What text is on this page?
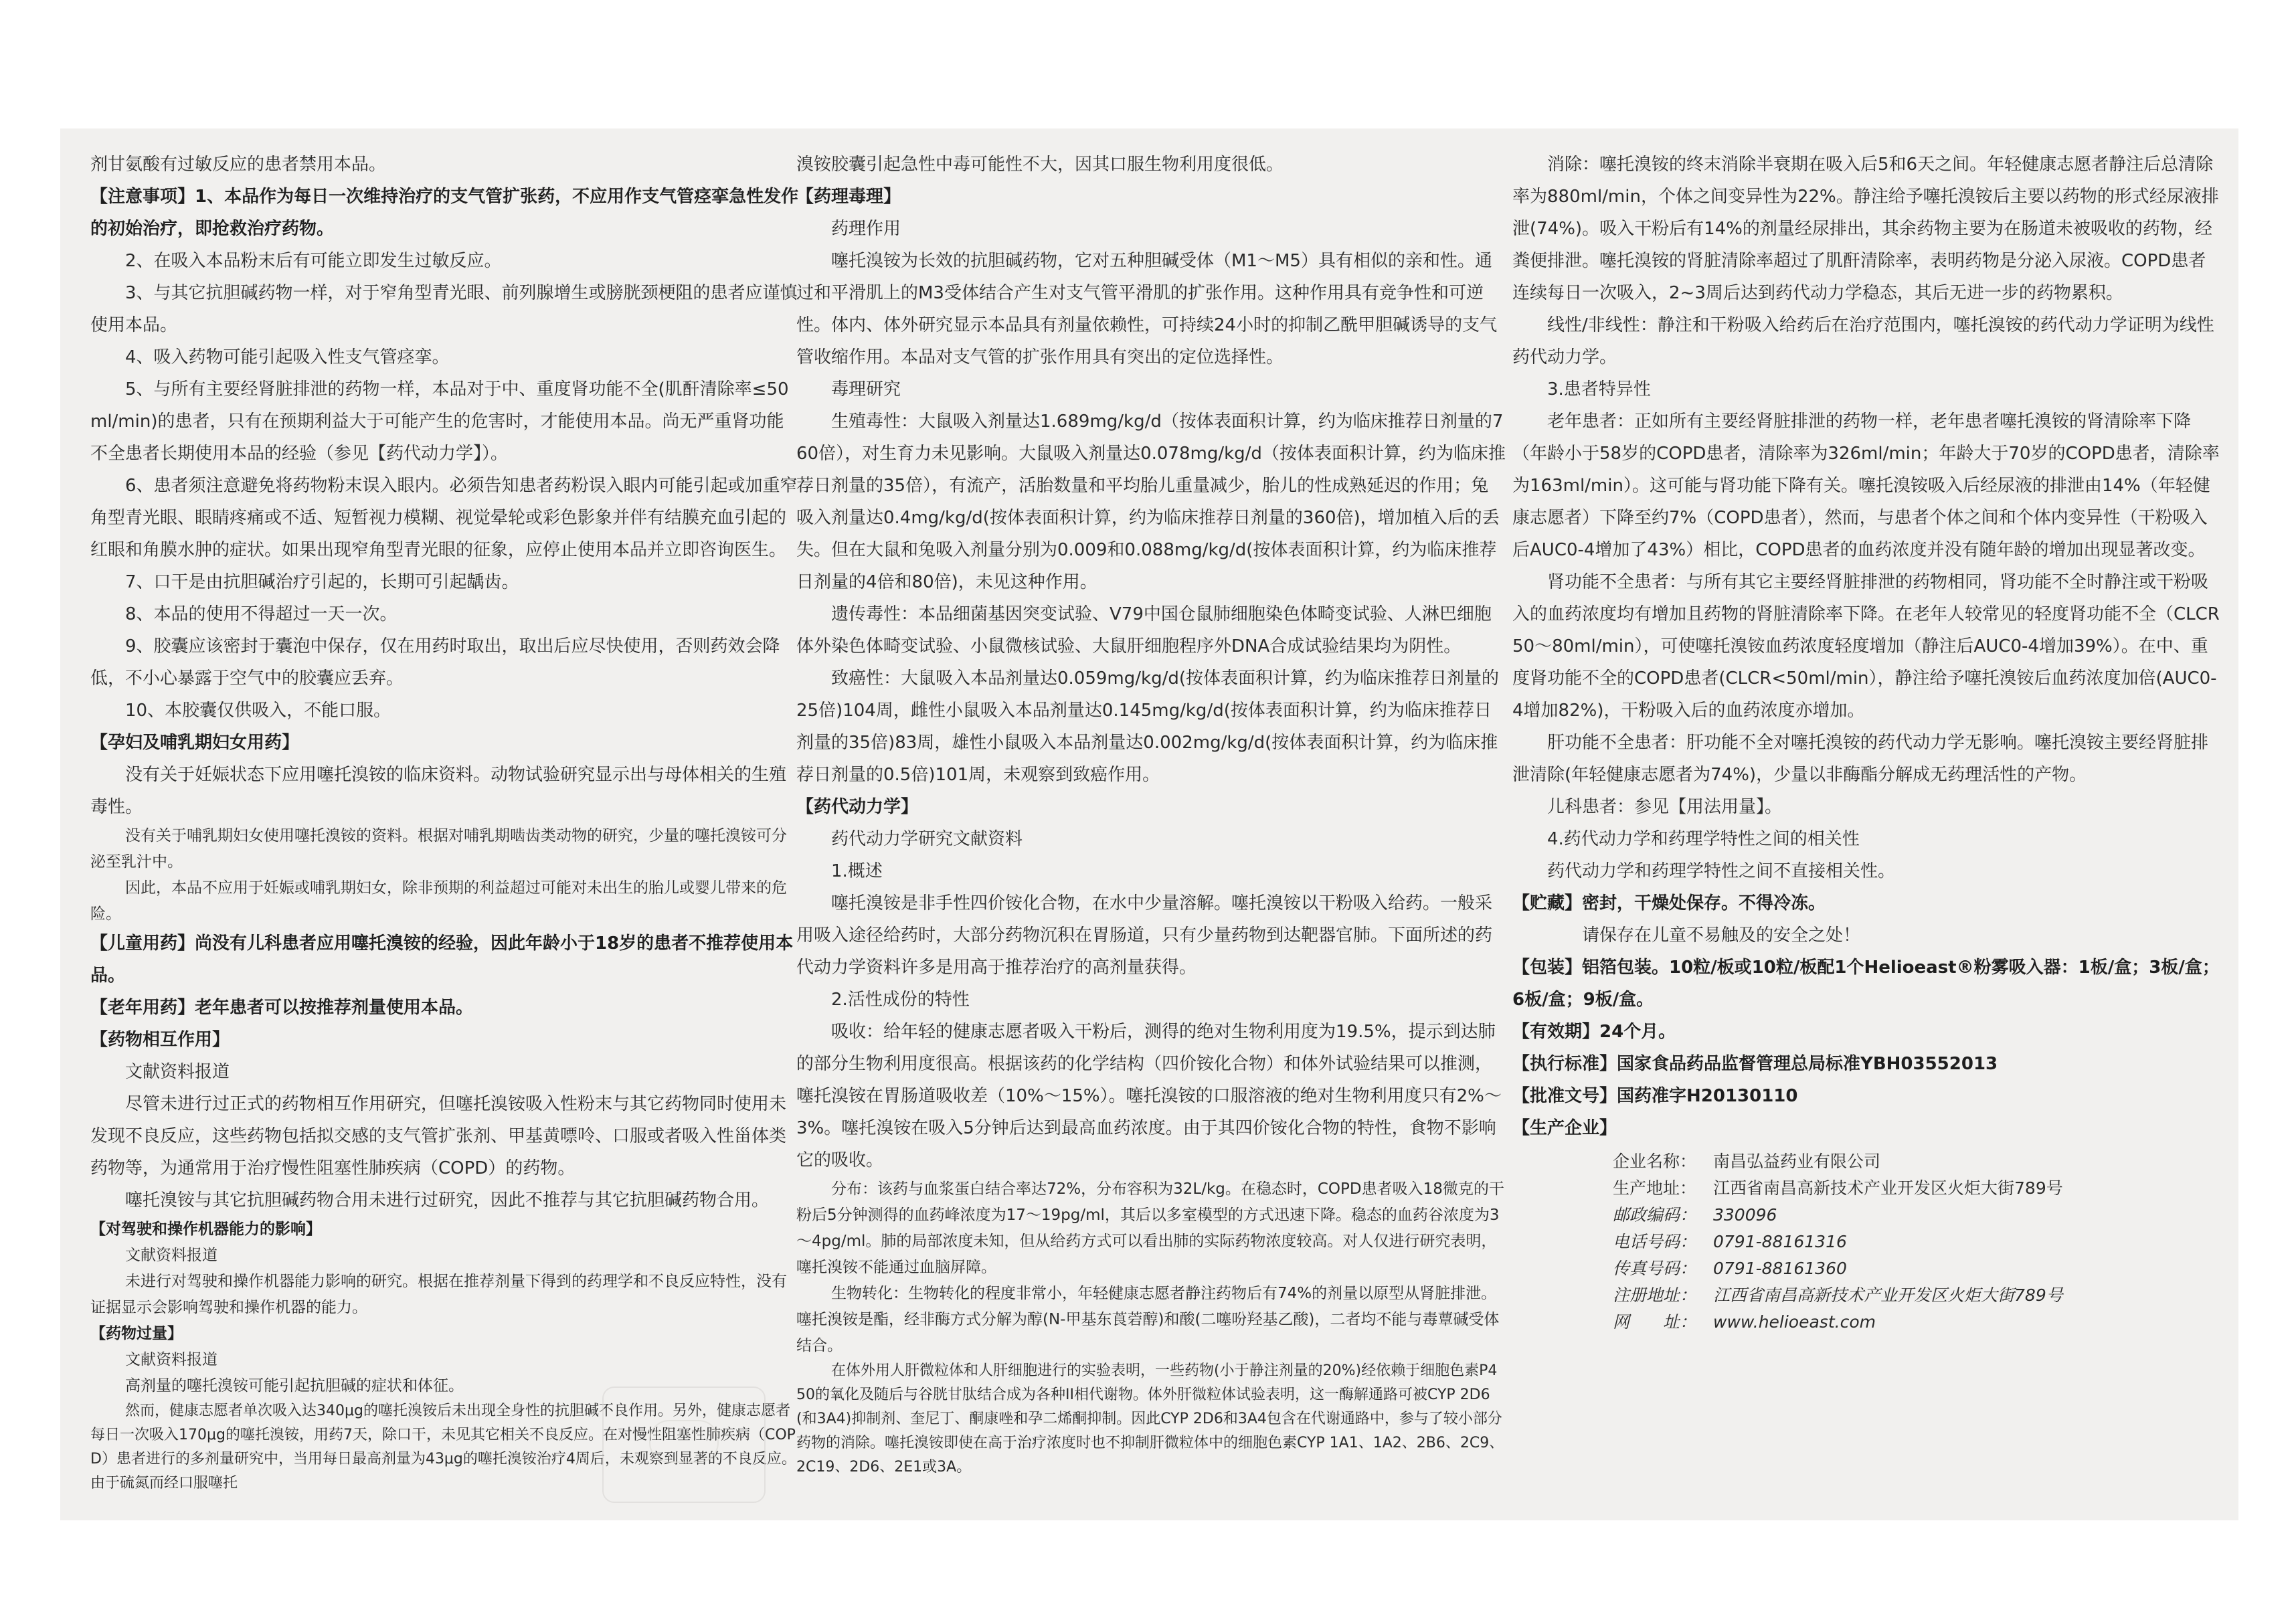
剂甘氨酸有过敏反应的患者禁用本品。

【注意事项】1、本品作为每日一次维持治疗的支气管扩张药，不应用作支气管痉挛急性发作的初始治疗，即抢救治疗药物。

2、在吸入本品粉末后有可能立即发生过敏反应。

3、与其它抗胆碱药物一样，对于窄角型青光眼、前列腺增生或膀胱颈梗阻的患者应谨慎使用本品。

4、吸入药物可能引起吸入性支气管痉挛。

5、与所有主要经肾脏排泄的药物一样，本品对于中、重度肾功能不全(肌酐清除率≤50ml/min)的患者，只有在预期利益大于可能产生的危害时，才能使用本品。尚无严重肾功能不全患者长期使用本品的经验（参见【药代动力学】）。

6、患者须注意避免将药物粉末误入眼内。必须告知患者药粉误入眼内可能引起或加重窄角型青光眼、眼睛疼痛或不适、短暂视力模糊、视觉晕轮或彩色影象并伴有结膜充血引起的红眼和角膜水肿的症状。如果出现窄角型青光眼的征象，应停止使用本品并立即咨询医生。

7、口干是由抗胆碱治疗引起的，长期可引起龋齿。

8、本品的使用不得超过一天一次。

9、胶囊应该密封于囊泡中保存，仅在用药时取出，取出后应尽快使用，否则药效会降低，不小心暴露于空气中的胶囊应丢弃。

10、本胶囊仅供吸入，不能口服。

【孕妇及哺乳期妇女用药】

没有关于妊娠状态下应用噻托溴铵的临床资料。动物试验研究显示出与母体相关的生殖毒性。

没有关于哺乳期妇女使用噻托溴铵的资料。根据对哺乳期啮齿类动物的研究，少量的噻托溴铵可分泌至乳汁中。

因此，本品不应用于妊娠或哺乳期妇女，除非预期的利益超过可能对未出生的胎儿或婴儿带来的危险。

【儿童用药】尚没有儿科患者应用噻托溴铵的经验，因此年龄小于18岁的患者不推荐使用本品。

【老年用药】老年患者可以按推荐剂量使用本品。

【药物相互作用】

文献资料报道

尽管未进行过正式的药物相互作用研究，但噻托溴铵吸入性粉末与其它药物同时使用未发现不良反应，这些药物包括拟交感的支气管扩张剂、甲基黄嘌呤、口服或者吸入性甾体类药物等，为通常用于治疗慢性阻塞性肺疾病（COPD）的药物。

噻托溴铵与其它抗胆碱药物合用未进行过研究，因此不推荐与其它抗胆碱药物合用。

【对驾驶和操作机器能力的影响】

文献资料报道

未进行对驾驶和操作机器能力影响的研究。根据在推荐剂量下得到的药理学和不良反应特性，没有证据显示会影响驾驶和操作机器的能力。

【药物过量】

文献资料报道

高剂量的噻托溴铵可能引起抗胆碱的症状和体征。

然而，健康志愿者单次吸入达340μg的噻托溴铵后未出现全身性的抗胆碱不良作用。另外，健康志愿者每日一次吸入170μg的噻托溴铵，用药7天，除口干，未见其它相关不良反应。在对慢性阻塞性肺疾病（COPD）患者进行的多剂量研究中，当用每日最高剂量为43μg的噻托溴铵治疗4周后，未观察到显著的不良反应。由于硫氮而经口服噻托

溴铵胶囊引起急性中毒可能性不大，因其口服生物利用度很低。

【药理毒理】

药理作用

噻托溴铵为长效的抗胆碱药物，它对五种胆碱受体（M1～M5）具有相似的亲和性。通过和平滑肌上的M3受体结合产生对支气管平滑肌的扩张作用。这种作用具有竞争性和可逆性。体内、体外研究显示本品具有剂量依赖性，可持续24小时的抑制乙酰甲胆碱诱导的支气管收缩作用。本品对支气管的扩张作用具有突出的定位选择性。

毒理研究

生殖毒性：大鼠吸入剂量达1.689mg/kg/d（按体表面积计算，约为临床推荐日剂量的760倍），对生育力未见影响。大鼠吸入剂量达0.078mg/kg/d（按体表面积计算，约为临床推荐日剂量的35倍），有流产，活胎数量和平均胎儿重量减少，胎儿的性成熟延迟的作用；兔吸入剂量达0.4mg/kg/d(按体表面积计算，约为临床推荐日剂量的360倍)，增加植入后的丢失。但在大鼠和兔吸入剂量分别为0.009和0.088mg/kg/d(按体表面积计算，约为临床推荐日剂量的4倍和80倍)，未见这种作用。

遗传毒性：本品细菌基因突变试验、V79中国仓鼠肺细胞染色体畸变试验、人淋巴细胞体外染色体畸变试验、小鼠微核试验、大鼠肝细胞程序外DNA合成试验结果均为阴性。

致癌性：大鼠吸入本品剂量达0.059mg/kg/d(按体表面积计算，约为临床推荐日剂量的25倍)104周，雌性小鼠吸入本品剂量达0.145mg/kg/d(按体表面积计算，约为临床推荐日剂量的35倍)83周，雄性小鼠吸入本品剂量达0.002mg/kg/d(按体表面积计算，约为临床推荐日剂量的0.5倍)101周，未观察到致癌作用。

【药代动力学】

药代动力学研究文献资料

1.概述

噻托溴铵是非手性四价铵化合物，在水中少量溶解。噻托溴铵以干粉吸入给药。一般采用吸入途径给药时，大部分药物沉积在胃肠道，只有少量药物到达靶器官肺。下面所述的药代动力学资料许多是用高于推荐治疗的高剂量获得。

2.活性成份的特性

吸收：给年轻的健康志愿者吸入干粉后，测得的绝对生物利用度为19.5%，提示到达肺的部分生物利用度很高。根据该药的化学结构（四价铵化合物）和体外试验结果可以推测，噻托溴铵在胃肠道吸收差（10%～15%）。噻托溴铵的口服溶液的绝对生物利用度只有2%～3%。噻托溴铵在吸入5分钟后达到最高血药浓度。由于其四价铵化合物的特性，食物不影响它的吸收。

分布：该药与血浆蛋白结合率达72%，分布容积为32L/kg。在稳态时，COPD患者吸入18微克的干粉后5分钟测得的血药峰浓度为17～19pg/ml，其后以多室模型的方式迅速下降。稳态的血药谷浓度为3～4pg/ml。肺的局部浓度未知，但从给药方式可以看出肺的实际药物浓度较高。对人仅进行研究表明，噻托溴铵不能通过血脑屏障。

生物转化：生物转化的程度非常小，年轻健康志愿者静注药物后有74%的剂量以原型从肾脏排泄。噻托溴铵是酯，经非酶方式分解为醇(N-甲基东莨菪醇)和酸(二噻吩羟基乙酸)，二者均不能与毒蕈碱受体结合。

在体外用人肝微粒体和人肝细胞进行的实验表明，一些药物(小于静注剂量的20%)经依赖于细胞色素P450的氧化及随后与谷胱甘肽结合成为各种II相代谢物。体外肝微粒体试验表明，这一酶解通路可被CYP 2D6(和3A4)抑制剂、奎尼丁、酮康唑和孕二烯酮抑制。因此CYP 2D6和3A4包含在代谢通路中，参与了较小部分药物的消除。噻托溴铵即使在高于治疗浓度时也不抑制肝微粒体中的细胞色素CYP 1A1、1A2、2B6、2C9、2C19、2D6、2E1或3A。

消除：噻托溴铵的终末消除半衰期在吸入后5和6天之间。年轻健康志愿者静注后总清除率为880ml/min，个体之间变异性为22%。静注给予噻托溴铵后主要以药物的形式经尿液排泄(74%)。吸入干粉后有14%的剂量经尿排出，其余药物主要为在肠道未被吸收的药物，经粪便排泄。噻托溴铵的肾脏清除率超过了肌酐清除率，表明药物是分泌入尿液。COPD患者连续每日一次吸入，2~3周后达到药代动力学稳态，其后无进一步的药物累积。

线性/非线性：静注和干粉吸入给药后在治疗范围内，噻托溴铵的药代动力学证明为线性药代动力学。

3.患者特异性

老年患者：正如所有主要经肾脏排泄的药物一样，老年患者噻托溴铵的肾清除率下降（年龄小于58岁的COPD患者，清除率为326ml/min；年龄大于70岁的COPD患者，清除率为163ml/min）。这可能与肾功能下降有关。噻托溴铵吸入后经尿液的排泄由14%（年轻健康志愿者）下降至约7%（COPD患者），然而，与患者个体之间和个体内变异性（干粉吸入后AUC0-4增加了43%）相比，COPD患者的血药浓度并没有随年龄的增加出现显著改变。

肾功能不全患者：与所有其它主要经肾脏排泄的药物相同，肾功能不全时静注或干粉吸入的血药浓度均有增加且药物的肾脏清除率下降。在老年人较常见的轻度肾功能不全（CLCR50～80ml/min），可使噻托溴铵血药浓度轻度增加（静注后AUC0-4增加39%）。在中、重度肾功能不全的COPD患者(CLCR<50ml/min），静注给予噻托溴铵后血药浓度加倍(AUC0-4增加82%)，干粉吸入后的血药浓度亦增加。

肝功能不全患者：肝功能不全对噻托溴铵的药代动力学无影响。噻托溴铵主要经肾脏排泄清除(年轻健康志愿者为74%)，少量以非酶酯分解成无药理活性的产物。

儿科患者：参见【用法用量】。

4.药代动力学和药理学特性之间的相关性

药代动力学和药理学特性之间不直接相关性。

【贮藏】密封，干燥处保存。不得冷冻。

请保存在儿童不易触及的安全之处！

【包装】铝箔包装。10粒/板或10粒/板配1个Helioeast®粉雾吸入器：1板/盒；3板/盒；6板/盒；9板/盒。

【有效期】24个月。

【执行标准】国家食品药品监督管理总局标准YBH03552013

【批准文号】国药准字H20130110

【生产企业】

企业名称： 南昌弘益药业有限公司
生产地址： 江西省南昌高新技术产业开发区火炬大街789号
邮政编码： 330096
电话号码： 0791-88161316
传真号码： 0791-88161360
注册地址： 江西省南昌高新技术产业开发区火炬大街789号
网　　址： www.helioeast.com
